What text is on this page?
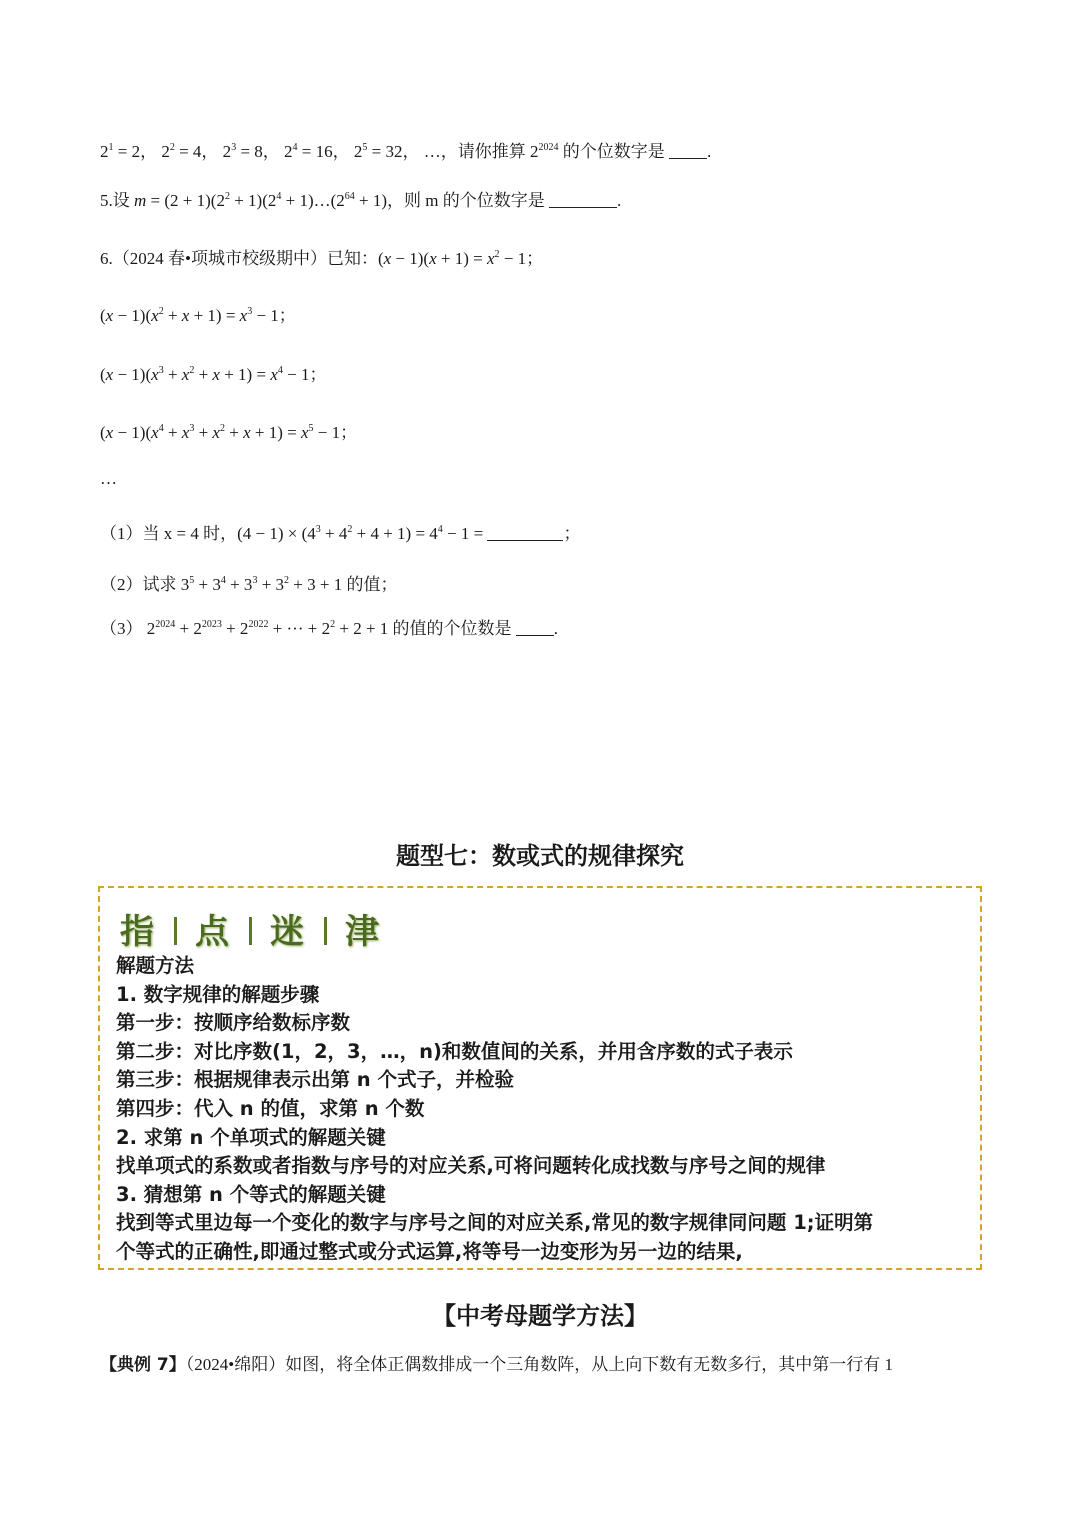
$2^1 = 2$， $2^2 = 4$， $2^3 = 8$， $2^4 = 16$， $2^5 = 32$， …，请你推算 $2^{2024}$ 的个位数字是 .
5.设 $m = (2 + 1)(2^2 + 1)(2^4$ + $1)\dots(2^{64} + 1)$，则 m 的个位数字是	.
6.（2024 春•项城市校级期中）已知：$(x - 1)(x + 1) = x^2 - 1$；
$(x - 1)(x^2 + x + 1) = x^3 - 1$；
$(x - 1)(x^3 + x^2 + x + 1) = x^4 - 1$；
$(x - 1)(x^4 + x^3 + x^2 + x + 1) = x^5 - 1$；
…
（1）当 x = 4 时，$(4 - 1) \times (4^3 + 4^2 + 4 + 1) = 4^4 - 1$ =	；
（2）试求 $3^5 + 3^4 + 3^3 + 3^2 + 3 + 1$ 的值；
（3） $2^{2024} + 2^{2023} + 2^{2022}$ + ··· + $2^2 + 2 + 1$ 的值的个位数是 .
题型七：数或式的规律探究
指 点 迷 津
解题方法
1. 数字规律的解题步骤
第一步：按顺序给数标序数
第二步：对比序数(1，2，3，…，n)和数值间的关系，并用含序数的式子表示
第三步：根据规律表示出第 n 个式子，并检验
第四步：代入 n 的值，求第 n 个数
2. 求第 n 个单项式的解题关键
找单项式的系数或者指数与序号的对应关系,可将问题转化成找数与序号之间的规律
3. 猜想第 n 个等式的解题关键
找到等式里边每一个变化的数字与序号之间的对应关系,常见的数字规律同问题 1;证明第
个等式的正确性,即通过整式或分式运算,将等号一边变形为另一边的结果,
【中考母题学方法】
【典例 7】（2024•绵阳）如图，将全体正偶数排成一个三角数阵，从上向下数有无数多行，其中第一行有 1
